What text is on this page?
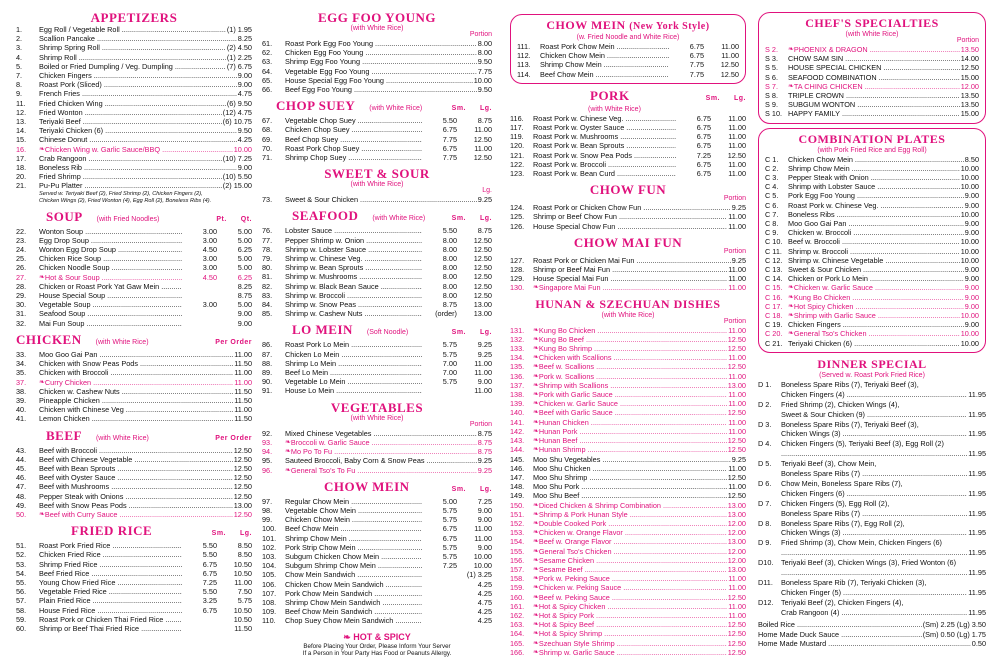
APPETIZERS
1.	Egg Roll / Vegetable Roll .....	(1) 1.95
2.	Scallion Pancake .....	8.25
3.	Shrimp Spring Roll .....	(2) 4.50
4.	Shrimp Roll .....	(1) 2.25
5.	Boiled or Fried Dumpling / Veg. Dumpling .....	(7) 6.75
7.	Chicken Fingers .....	9.00
8.	Roast Pork (Sliced) .....	9.00
9.	French Fries .....	4.75
11.	Fried Chicken Wing .....	(6) 9.50
12.	Fried Wonton .....	(12) 4.75
13.	Teriyaki Beef .....	(6) 10.75
14.	Teriyaki Chicken (6) .....	9.50
15.	Chinese Donut .....	4.25
16.	❧ Chicken Wing w. Garlic Sauce/BBQ .....	10.00
17.	Crab Rangoon .....	(10) 7.25
18.	Boneless Rib .....	9.00
20.	Fried Shrimp .....	(10) 5.50
21.	Pu-Pu Platter .....	(2) 15.00
Served w. Teriyaki Beef (2), Fried Shrimp (2), Chicken Fingers (2),
Chicken Wings (2), Fried Wonton (4), Egg Roll (2), Boneless Ribs (4).
SOUP (with Fried Noodles)	Pt. Qt.
22.	Wonton Soup .....	3.00	5.00
23.	Egg Drop Soup .....	3.00	5.00
24.	Wonton Egg Drop Soup .....	4.50	6.25
25.	Chicken Rice Soup .....	3.00	5.00
26.	Chicken Noodle Soup .....	3.00	5.00
27.	❧ Hot & Sour Soup .....	4.50	6.25
28.	Chicken or Roast Pork Yat Gaw Mein .....	8.25
29.	House Special Soup .....	8.75
30.	Vegetable Soup .....	3.00	5.00
31.	Seafood Soup .....	9.00
32.	Mai Fun Soup .....	9.00
CHICKEN (with White Rice)	Per Order
33.	Moo Goo Gai Pan .....	11.00
34.	Chicken with Snow Peas Pods .....	11.50
35.	Chicken with Broccoli .....	11.00
37.	❧ Curry Chicken .....	11.00
38.	Chicken w. Cashew Nuts .....	11.50
39.	Pineapple Chicken .....	11.50
40.	Chicken with Chinese Veg .....	11.00
41.	Lemon Chicken .....	11.50
BEEF (with White Rice)	Per Order
43.	Beef with Broccoli .....	12.50
44.	Beef with Chinese Vegetable .....	12.50
45.	Beef with Bean Sprouts .....	12.50
46.	Beef with Oyster Sauce .....	12.50
47.	Beef with Mushrooms .....	12.50
48.	Pepper Steak with Onions .....	12.50
49.	Beef with Snow Peas Pods .....	13.00
50.	❧ Beef with Curry Sauce .....	12.50
FRIED RICE	Sm. Lg.
51.	Roast Pork Fried Rice .....	5.50	8.50
52.	Chicken Fried Rice .....	5.50	8.50
53.	Shrimp Fried Rice .....	6.75	10.50
54.	Beef Fried Rice .....	6.75	10.50
55.	Young Chow Fried Rice .....	7.25	11.00
56.	Vegetable Fried Rice .....	5.50	7.50
57.	Plain Fried Rice .....	3.25	5.75
58.	House Fried Rice .....	6.75	10.50
59.	Roast Pork or Chicken Thai Fried Rice .....	10.50
60.	Shrimp or Beef Thai Fried Rice .....	11.50
EGG FOO YOUNG
(with White Rice)
Portion
61.	Roast Pork Egg Foo Young .....	8.00
62.	Chicken Egg Foo Young .....	8.00
63.	Shrimp Egg Foo Young .....	9.50
64.	Vegetable Egg Foo Young .....	7.75
65.	House Special Egg Foo Young .....	10.00
66.	Beef Egg Foo Young .....	9.50
CHOP SUEY (with White Rice)	Sm. Lg.
67.	Vegetable Chop Suey .....	5.50	8.75
68.	Chicken Chop Suey .....	6.75	11.00
69.	Beef Chop Suey .....	7.75	12.50
70.	Roast Pork Chop Suey .....	6.75	11.00
71.	Shrimp Chop Suey .....	7.75	12.50
SWEET & SOUR
(with White Rice)
Lg.
73.	Sweet & Sour Chicken .....	9.25
SEAFOOD (with White Rice)	Sm. Lg.
76.	Lobster Sauce .....	5.50	8.75
77.	Pepper Shrimp w. Onion .....	8.00	12.50
78.	Shrimp w. Lobster Sauce .....	8.00	12.50
79.	Shrimp w. Chinese Veg. .....	8.00	12.50
80.	Shrimp w. Bean Sprouts .....	8.00	12.50
81.	Shrimp w. Mushrooms .....	8.00	12.50
82.	Shrimp w. Black Bean Sauce .....	8.00	12.50
83.	Shrimp w. Broccoli .....	8.00	12.50
84.	Shrimp w. Snow Peas .....	8.75	13.00
85.	Shrimp w. Cashew Nuts .....	(order)	13.00
LO MEIN (Soft Noodle)	Sm. Lg.
86.	Roast Pork Lo Mein .....	5.75	9.25
87.	Chicken Lo Mein .....	5.75	9.25
88.	Shrimp Lo Mein .....	7.00	11.00
89.	Beef Lo Mein .....	7.00	11.00
90.	Vegetable Lo Mein .....	5.75	9.00
91.	House Lo Mein .....	11.00
VEGETABLES
(with White Rice)
Portion
92.	Mixed Chinese Vegetables .....	8.75
93.	❧ Broccoli w. Garlic Sauce .....	8.75
94.	❧ Mo Po To Fu .....	8.75
95.	Sauteed Broccoli, Baby Corn & Snow Peas .....	9.25
96.	❧ General Tso's To Fu .....	9.25
CHOW MEIN	Sm. Lg.
97.	Regular Chow Mein .....	5.00	7.25
98.	Vegetable Chow Mein .....	5.75	9.00
99.	Chicken Chow Mein .....	5.75	9.00
100.	Beef Chow Mein .....	6.75	11.00
101.	Shrimp Chow Mein .....	6.75	11.00
102.	Pork Strip Chow Mein .....	5.75	9.00
103.	Subgum Chicken Chow Mein .....	5.75	10.00
104.	Subgum Shrimp Chow Mein .....	7.25	10.00
105.	Chow Mein Sandwich .....	(1) 3.25
106.	Chicken Chow Mein Sandwich .....	4.25
107.	Pork Chow Mein Sandwich .....	4.25
108.	Shrimp Chow Mein Sandwich .....	4.75
109.	Beef Chow Mein Sandwich .....	4.25
110.	Chop Suey Chow Mein Sandwich .....	4.25
❧ HOT & SPICY
Before Placing Your Order, Please Inform Your Server
If a Person in Your Party Has Food or Peanuts Allergy.
CHOW MEIN (New York Style)
(w. Fried Noodle and White Rice)
111.	Roast Pork Chow Mein .....	6.75	11.00
112.	Chicken Chow Mein .....	6.75	11.00
113.	Shrimp Chow Mein .....	7.75	12.50
114.	Beef Chow Mein .....	7.75	12.50
PORK	Sm. Lg.
(with White Rice)
116.	Roast Pork w. Chinese Veg. .....	6.75	11.00
117.	Roast Pork w. Oyster Sauce .....	6.75	11.00
119.	Roast Pork w. Mushrooms .....	6.75	11.00
120.	Roast Pork w. Bean Sprouts .....	6.75	11.00
121.	Roast Pork w. Snow Pea Pods .....	7.25	12.50
122.	Roast Pork w. Broccoli .....	6.75	11.00
123.	Roast Pork w. Bean Curd .....	6.75	11.00
CHOW FUN
Portion
124.	Roast Pork or Chicken Chow Fun .....	9.25
125.	Shrimp or Beef Chow Fun .....	11.00
126.	House Special Chow Fun .....	11.00
CHOW MAI FUN
Portion
127.	Roast Pork or Chicken Mai Fun .....	9.25
128.	Shrimp or Beef Mai Fun .....	11.00
129.	House Special Mai Fun .....	11.00
130.	❧ Singapore Mai Fun .....	11.00
HUNAN & SZECHUAN DISHES
(with White Rice)
Portion
131.	❧ Kung Bo Chicken .....	11.00
132.	❧ Kung Bo Beef .....	12.50
133.	❧ Kung Bo Shrimp .....	12.50
134.	❧ Chicken with Scallions .....	11.00
135.	❧ Beef w. Scallions .....	12.50
136.	❧ Pork w. Scallions .....	11.00
137.	❧ Shrimp with Scallions .....	13.00
138.	❧ Pork with Garlic Sauce .....	11.00
139.	❧ Chicken w. Garlic Sauce .....	11.00
140.	❧ Beef with Garlic Sauce .....	12.50
141.	❧ Hunan Chicken .....	11.00
142.	❧ Hunan Pork .....	11.00
143.	❧ Hunan Beef .....	12.50
144.	❧ Hunan Shrimp .....	12.50
145.	Moo Shu Vegetables .....	9.25
146.	Moo Shu Chicken .....	11.00
147.	Moo Shu Shrimp .....	12.50
148.	Moo Shu Pork .....	11.00
149.	Moo Shu Beef .....	12.50
150.	❧ Diced Chicken & Shrimp Combination .....	13.00
151.	❧ Shrimp & Pork Hunan Style .....	13.00
152.	❧ Double Cooked Pork .....	12.00
153.	❧ Chicken w. Orange Flavor .....	12.00
154.	❧ Beef w. Orange Flavor .....	13.00
155.	❧ General Tso's Chicken .....	12.00
156.	❧ Sesame Chicken .....	12.00
157.	❧ Sesame Beef .....	13.00
158.	❧ Pork w. Peking Sauce .....	11.00
159.	❧ Chicken w. Peking Sauce .....	11.00
160.	❧ Beef w. Peking Sauce .....	12.50
161.	❧ Hot & Spicy Chicken .....	11.00
162.	❧ Hot & Spicy Pork .....	11.00
163.	❧ Hot & Spicy Beef .....	12.50
164.	❧ Hot & Spicy Shrimp .....	12.50
165.	❧ Szechuan Style Shrimp .....	12.50
166.	❧ Shrimp w. Garlic Sauce .....	12.50
CHEF'S SPECIALTIES
(with White Rice)
Portion
S 2.	❧ PHOENIX & DRAGON .....	13.50
S 3.	CHOW SAM SIN .....	14.00
S 5.	HOUSE SPECIAL CHICKEN .....	12.50
S 6.	SEAFOOD COMBINATION .....	15.00
S 7.	❧ TA CHING CHICKEN .....	12.00
S 8.	TRIPLE CROWN .....	13.50
S 9.	SUBGUM WONTON .....	13.50
S 10. HAPPY FAMILY .....	15.00
COMBINATION PLATES
(with Pork Fried Rice and Egg Roll)
C 1.	Chicken Chow Mein .....	8.50
C 2.	Shrimp Chow Mein .....	10.00
C 3.	Pepper Steak with Onion .....	10.00
C 4.	Shrimp with Lobster Sauce .....	10.00
C 5.	Pork Egg Foo Young .....	9.00
C 6.	Roast Pork w. Chinese Veg. .....	9.00
C 7.	Boneless Ribs .....	10.00
C 8.	Moo Goo Gai Pan .....	9.00
C 9.	Chicken w. Broccoli .....	9.00
C 10. Beef w. Broccoli .....	10.00
C 11. Shrimp w. Broccoli .....	10.00
C 12. Shrimp w. Chinese Vegetable .....	10.00
C 13. Sweet & Sour Chicken .....	9.00
C 14. Chicken or Pork Lo Mein .....	9.00
C 15. ❧ Chicken w. Garlic Sauce .....	9.00
C 16. ❧ Kung Bo Chicken .....	9.00
C 17. ❧ Hot Spicy Chicken .....	9.00
C 18. ❧ Shrimp with Garlic Sauce .....	10.00
C 19. Chicken Fingers .....	9.00
C 20. ❧ General Tso's Chicken .....	10.00
C 21. Teriyaki Chicken (6) .....	10.00
DINNER SPECIAL
(Served w. Roast Pork Fried Rice)
D 1.	Boneless Spare Ribs (7), Teriyaki Beef (3),
Chicken Fingers (4) .....	11.95
D 2.	Fried Shrimp (2), Chicken Wings (4),
Sweet & Sour Chicken (9) .....	11.95
D 3.	Boneless Spare Ribs (7), Teriyaki Beef (3),
Chicken Wings (3) .....	11.95
D 4.	Chicken Fingers (5), Teriyaki Beef (3), Egg Roll (2)
.....
11.95
D 5.	Teriyaki Beef (3), Chow Mein,
Boneless Spare Ribs (7) .....	11.95
D 6.	Chow Mein, Boneless Spare Ribs (7),
Chicken Fingers (6) .....	11.95
D 7.	Chicken Fingers (5), Egg Roll (2),
Boneless Spare Ribs (7) .....	11.95
D 8.	Boneless Spare Ribs (7), Egg Roll (2),
Chicken Wings (3) .....	11.95
D 9.	Fried Shrimp (3), Chow Mein, Chicken Fingers (6)
.....
11.95
D10.	Teriyaki Beef (3), Chicken Wings (3), Fried Wonton (6)
.....
11.95
D11.	Boneless Spare Rib (7), Teriyaki Chicken (3),
Chicken Finger (5) .....	11.95
D12.	Teriyaki Beef (2), Chicken Fingers (4),
Crab Rangoon (4) .....	11.95
Boiled Rice .....	(Sm) 2.25 (Lg) 3.50
Home Made Duck Sauce .....	(Sm) 0.50 (Lg) 1.75
Home Made Mustard .....	0.50
